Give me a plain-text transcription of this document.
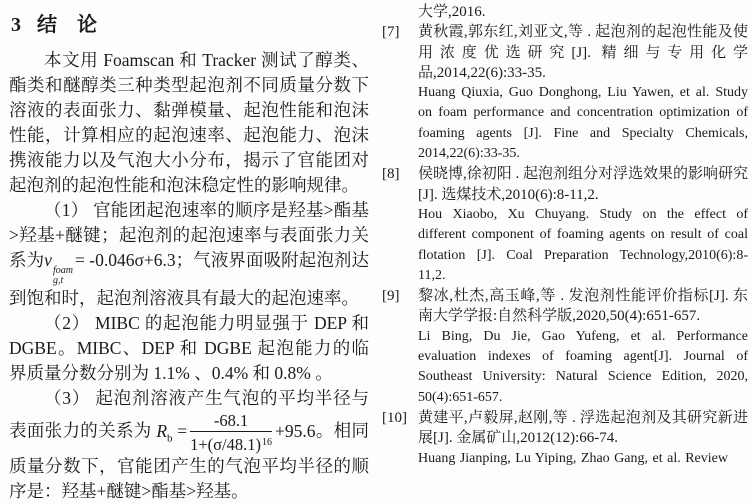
3 结　论

本文用 Foamscan 和 Tracker 测试了醇类、酯类和醚醇类三种类型起泡剂不同质量分数下溶液的表面张力、黏弹模量、起泡性能和泡沫性能，计算相应的起泡速率、起泡能力、泡沫携液能力以及气泡大小分布，揭示了官能团对起泡剂的起泡性能和泡沫稳定性的影响规律。

（1） 官能团起泡速率的顺序是羟基>酯基>羟基+醚键；起泡剂的起泡速率与表面张力关系为v
foam
g,t
= -0.046σ+6.3；气液界面吸附起泡剂达到饱和时，起泡剂溶液具有最大的起泡速率。

（2） MIBC 的起泡能力明显强于 DEP 和 DGBE。MIBC、DEP 和 DGBE 起泡能力的临界质量分数分别为 1.1% 、0.4% 和 0.8% 。

（3） 起泡剂溶液产生气泡的平均半径与表面张力的关系为 $R_b = \frac{-68.1}{1+(\sigma/48.1)^{16}} +95.6$。相同质量分数下，官能团产生的气泡平均半径的顺序是：羟基+醚键>酯基>羟基。

大学,2016.

[7] 黄秋霞,郭东红,刘亚文,等 . 起泡剂的起泡性能及使用浓度优选研究[J]. 精细与专用化学品,2014,22(6):33-35.

Huang Qiuxia, Guo Donghong, Liu Yawen, et al. Study on foam performance and concentration optimization of foaming agents [J]. Fine and Specialty Chemicals, 2014,22(6):33-35.

[8] 侯晓博,徐初阳 . 起泡剂组分对浮选效果的影响研究[J]. 选煤技术,2010(6):8-11,2.

Hou Xiaobo, Xu Chuyang. Study on the effect of different component of foaming agents on result of coal flotation [J]. Coal Preparation Technology,2010(6):8-11,2.

[9] 黎冰,杜杰,高玉峰,等 . 发泡剂性能评价指标[J]. 东南大学学报:自然科学版,2020,50(4):651-657.

Li Bing, Du Jie, Gao Yufeng, et al. Performance evaluation indexes of foaming agent[J]. Journal of Southeast University: Natural Science Edition, 2020, 50(4):651-657.

[10] 黄建平,卢毅屏,赵刚,等 . 浮选起泡剂及其研究新进展[J]. 金属矿山,2012(12):66-74.

Huang Jianping, Lu Yiping, Zhao Gang, et al. Review
